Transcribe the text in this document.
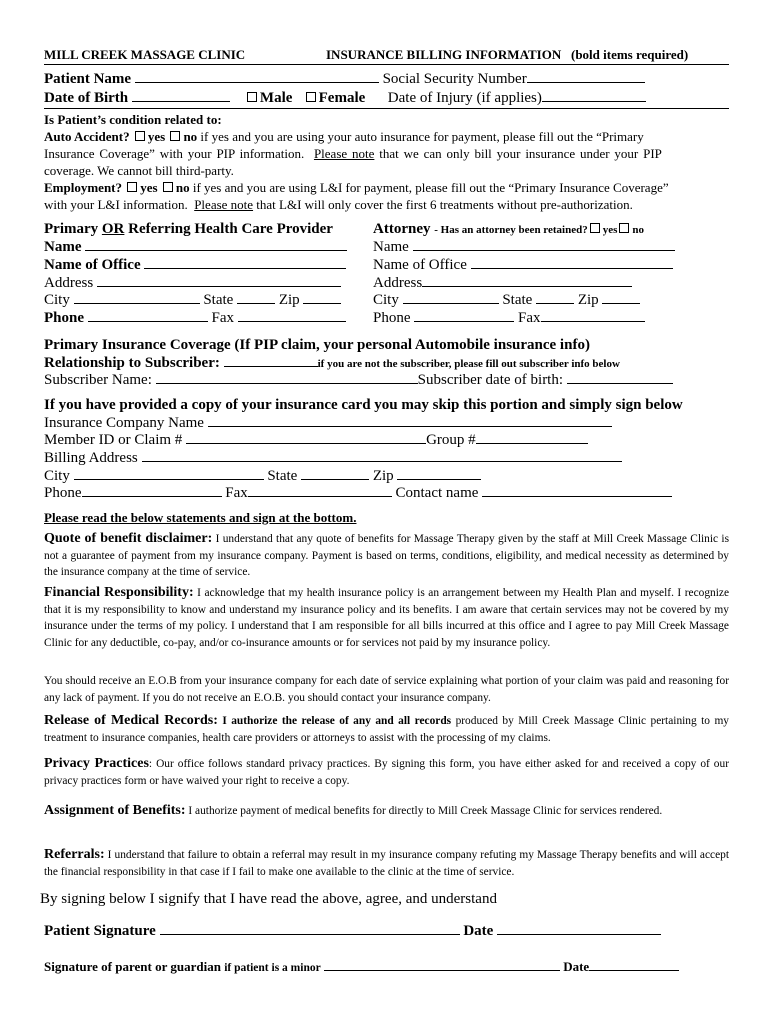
MILL CREEK MASSAGE CLINIC	INSURANCE BILLING INFORMATION (bold items required)
Patient Name	Social Security Number
Date of Birth	Male Female Date of Injury (if applies)
Is Patient’s condition related to:
Auto Accident? yes no if yes and you are using your auto insurance for payment, please fill out the “Primary
Insurance Coverage” with your PIP information. Please note that we can only bill your insurance under your PIP
coverage. We cannot bill third-party.
Employment? yes no if yes and you are using L&I for payment, please fill out the “Primary Insurance Coverage”
with your L&I information. Please note that L&I will only cover the first 6 treatments without pre-authorization.
Primary OR Referring Health Care Provider
Name
Name of Office
Address
City	State	Zip
Phone	Fax
Attorney - Has an attorney been retained? yes no
Name
Name of Office
Address
City	State	Zip
Phone	Fax
Primary Insurance Coverage (If PIP claim, your personal Automobile insurance info)
Relationship to Subscriber:	if you are not the subscriber, please fill out subscriber info below
Subscriber Name:	Subscriber date of birth:
If you have provided a copy of your insurance card you may skip this portion and simply sign below
Insurance Company Name
Member ID or Claim #	Group #
Billing Address
City	State	Zip
Phone	Fax	Contact name
Please read the below statements and sign at the bottom.
Quote of benefit disclaimer: I understand that any quote of benefits for Massage Therapy given by the staff at Mill Creek Massage Clinic is not a guarantee of payment from my insurance company. Payment is based on terms, conditions, eligibility, and medical necessity as determined by the insurance company at the time of service.
Financial Responsibility: I acknowledge that my health insurance policy is an arrangement between my Health Plan and myself. I recognize that it is my responsibility to know and understand my insurance policy and its benefits. I am aware that certain services may not be covered by my insurance under the terms of my policy. I understand that I am responsible for all bills incurred at this office and I agree to pay Mill Creek Massage Clinic for any deductible, co-pay, and/or co-insurance amounts or for services not paid by my insurance policy.
You should receive an E.O.B from your insurance company for each date of service explaining what portion of your claim was paid and reasoning for any lack of payment. If you do not receive an E.O.B. you should contact your insurance company.
Release of Medical Records: I authorize the release of any and all records produced by Mill Creek Massage Clinic pertaining to my treatment to insurance companies, health care providers or attorneys to assist with the processing of my claims.
Privacy Practices: Our office follows standard privacy practices. By signing this form, you have either asked for and received a copy of our privacy practices form or have waived your right to receive a copy.
Assignment of Benefits: I authorize payment of medical benefits for directly to Mill Creek Massage Clinic for services rendered.
Referrals: I understand that failure to obtain a referral may result in my insurance company refuting my Massage Therapy benefits and will accept the financial responsibility in that case if I fail to make one available to the clinic at the time of service.
By signing below I signify that I have read the above, agree, and understand
Patient Signature	Date
Signature of parent or guardian if patient is a minor	Date
